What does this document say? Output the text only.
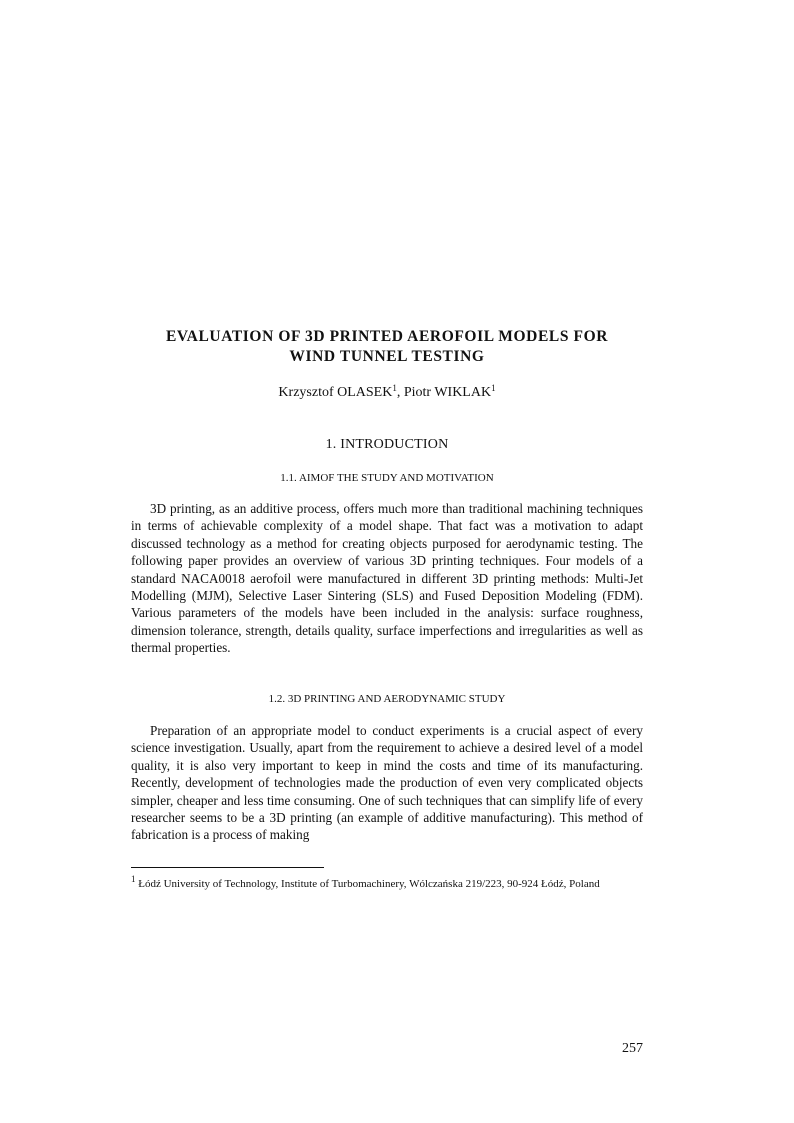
EVALUATION OF 3D PRINTED AEROFOIL MODELS FOR
WIND TUNNEL TESTING
Krzysztof OLASEK$^1$, Piotr WIKLAK$^1$
1. INTRODUCTION
1.1. AIMOF THE STUDY AND MOTIVATION

3D printing, as an additive process, offers much more than traditional machining techniques in terms of achievable complexity of a model shape. That fact was a motivation to adapt discussed technology as a method for creating objects purposed for aerodynamic testing. The following paper provides an overview of various 3D printing techniques. Four models of a standard NACA0018 aerofoil were manufactured in different 3D printing methods: Multi-Jet Modelling (MJM), Selective Laser Sintering (SLS) and Fused Deposition Modeling (FDM). Various parameters of the models have been included in the analysis: surface roughness, dimension tolerance, strength, details quality, surface imperfections and irregularities as well as thermal properties.

1.2. 3D PRINTING AND AERODYNAMIC STUDY

Preparation of an appropriate model to conduct experiments is a crucial aspect of every science investigation. Usually, apart from the requirement to achieve a desired level of a model quality, it is also very important to keep in mind the costs and time of its manufacturing. Recently, development of technologies made the production of even very complicated objects simpler, cheaper and less time consuming. One of such techniques that can simplify life of every researcher seems to be a 3D printing (an example of additive manufacturing). This method of fabrication is a process of making

$^1$ Łódź University of Technology, Institute of Turbomachinery, Wólczańska 219/223, 90-924 Łódź, Poland
257
